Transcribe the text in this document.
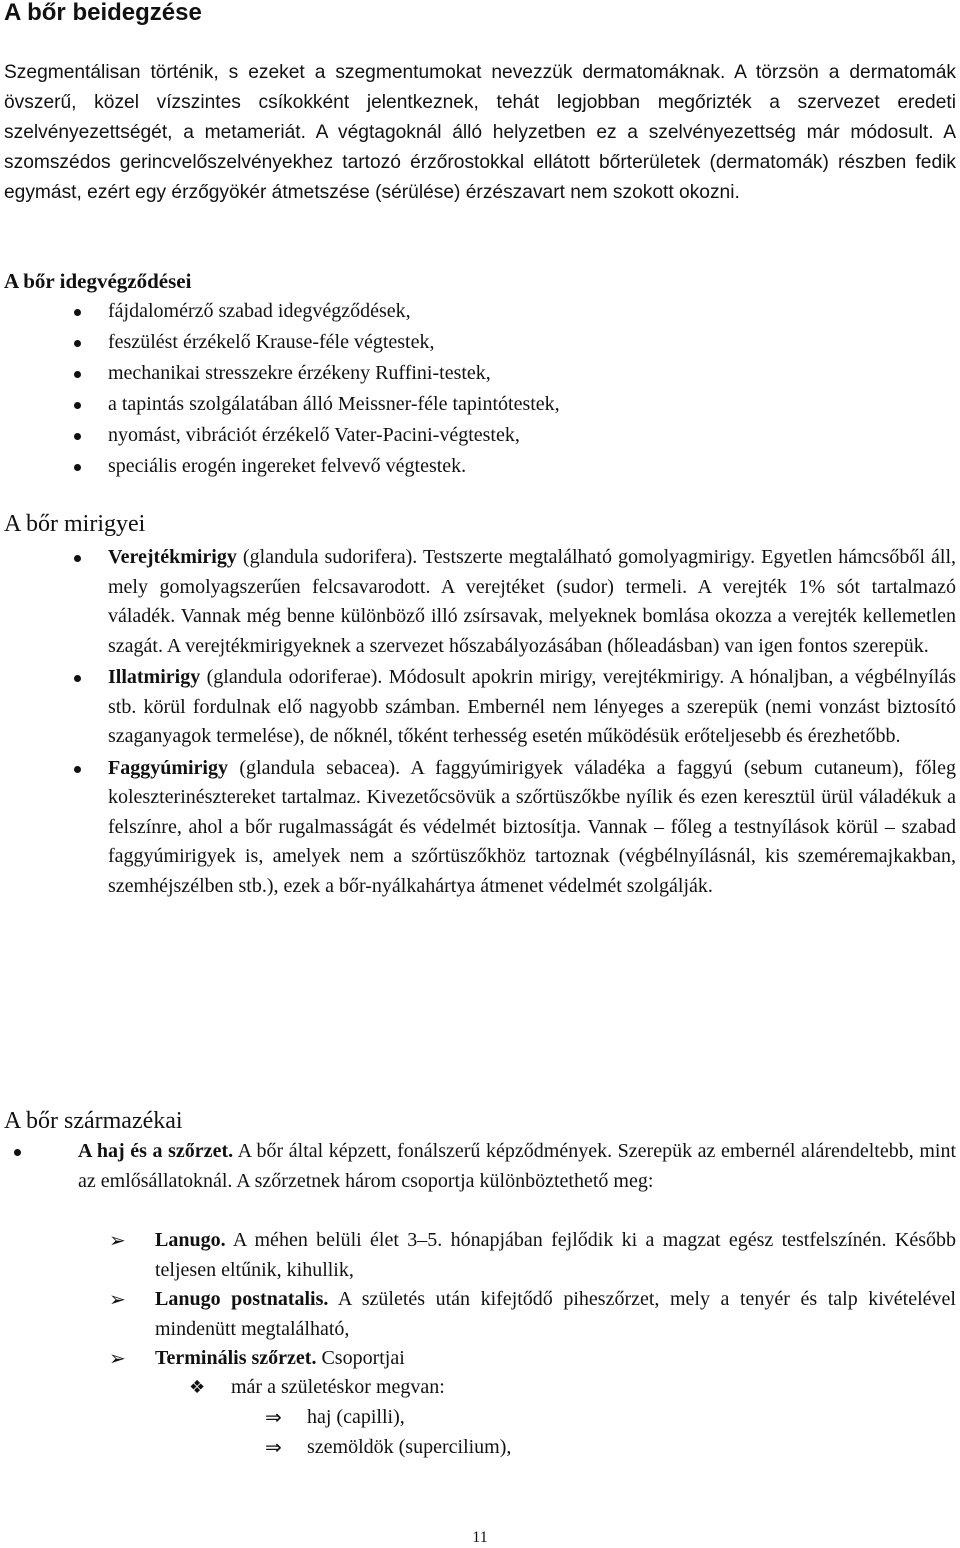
A bőr beidegzése

Szegmentálisan történik, s ezeket a szegmentumokat nevezzük dermatomáknak. A törzsön a dermatomák övszerű, közel vízszintes csíkokként jelentkeznek, tehát legjobban megőrizték a szervezet eredeti szelvényezettségét, a metameriát. A végtagoknál álló helyzetben ez a szelvényezettség már módosult. A szomszédos gerincvelőszelvényekhez tartozó érzőrostokkal ellátott bőrterületek (dermatomák) részben fedik egymást, ezért egy érzőgyökér átmetszése (sérülése) érzészavart nem szokott okozni.

A bőr idegvégződései
fájdalomérző szabad idegvégződések,
feszülést érzékelő Krause-féle végtestek,
mechanikai stresszekre érzékeny Ruffini-testek,
a tapintás szolgálatában álló Meissner-féle tapintótestek,
nyomást, vibrációt érzékelő Vater-Pacini-végtestek,
speciális erogén ingereket felvevő végtestek.
A bőr mirigyei
Verejtékmirigy (glandula sudorifera). Testszerte megtalálható gomolyagmirigy. Egyetlen hámcsőből áll, mely gomolyagszerűen felcsavarodott. A verejtéket (sudor) termeli. A verejték 1% sót tartalmazó váladék. Vannak még benne különböző illó zsírsavak, melyeknek bomlása okozza a verejték kellemetlen szagát. A verejtékmirigyeknek a szervezet hőszabályozásában (hőleadásban) van igen fontos szerepük.
Illatmirigy (glandula odoriferae). Módosult apokrin mirigy, verejtékmirigy. A hónaljban, a végbélnyílás stb. körül fordulnak elő nagyobb számban. Embernél nem lényeges a szerepük (nemi vonzást biztosító szaganyagok termelése), de nőknél, tőként terhesség esetén működésük erőteljesebb és érezhetőbb.
Faggyúmirigy (glandula sebacea). A faggyúmirigyek váladéka a faggyú (sebum cutaneum), főleg koleszterinésztereket tartalmaz. Kivezetőcsövük a szőrtüszőkbe nyílik és ezen keresztül ürül váladékuk a felszínre, ahol a bőr rugalmasságát és védelmét biztosítja. Vannak – főleg a testnyílások körül – szabad faggyúmirigyek is, amelyek nem a szőrtüszőkhöz tartoznak (végbélnyílásnál, kis szeméremajkakban, szemhéjszélben stb.), ezek a bőr-nyálkahártya átmenet védelmét szolgálják.
A bőr származékai
A haj és a szőrzet. A bőr által képzett, fonálszerű képződmények. Szerepük az embernél alárendeltebb, mint az emlősállatoknál. A szőrzetnek három csoportja különböztethető meg:
➢ Lanugo. A méhen belüli élet 3–5. hónapjában fejlődik ki a magzat egész testfelszínén. Később teljesen eltűnik, kihullik,
➢ Lanugo postnatalis. A születés után kifejtődő piheszőrzet, mely a tenyér és talp kivételével mindenütt megtalálható,
➢ Terminális szőrzet. Csoportjai
❖ már a születéskor megvan:
⇒ haj (capilli),
⇒ szemöldök (supercilium),
11
